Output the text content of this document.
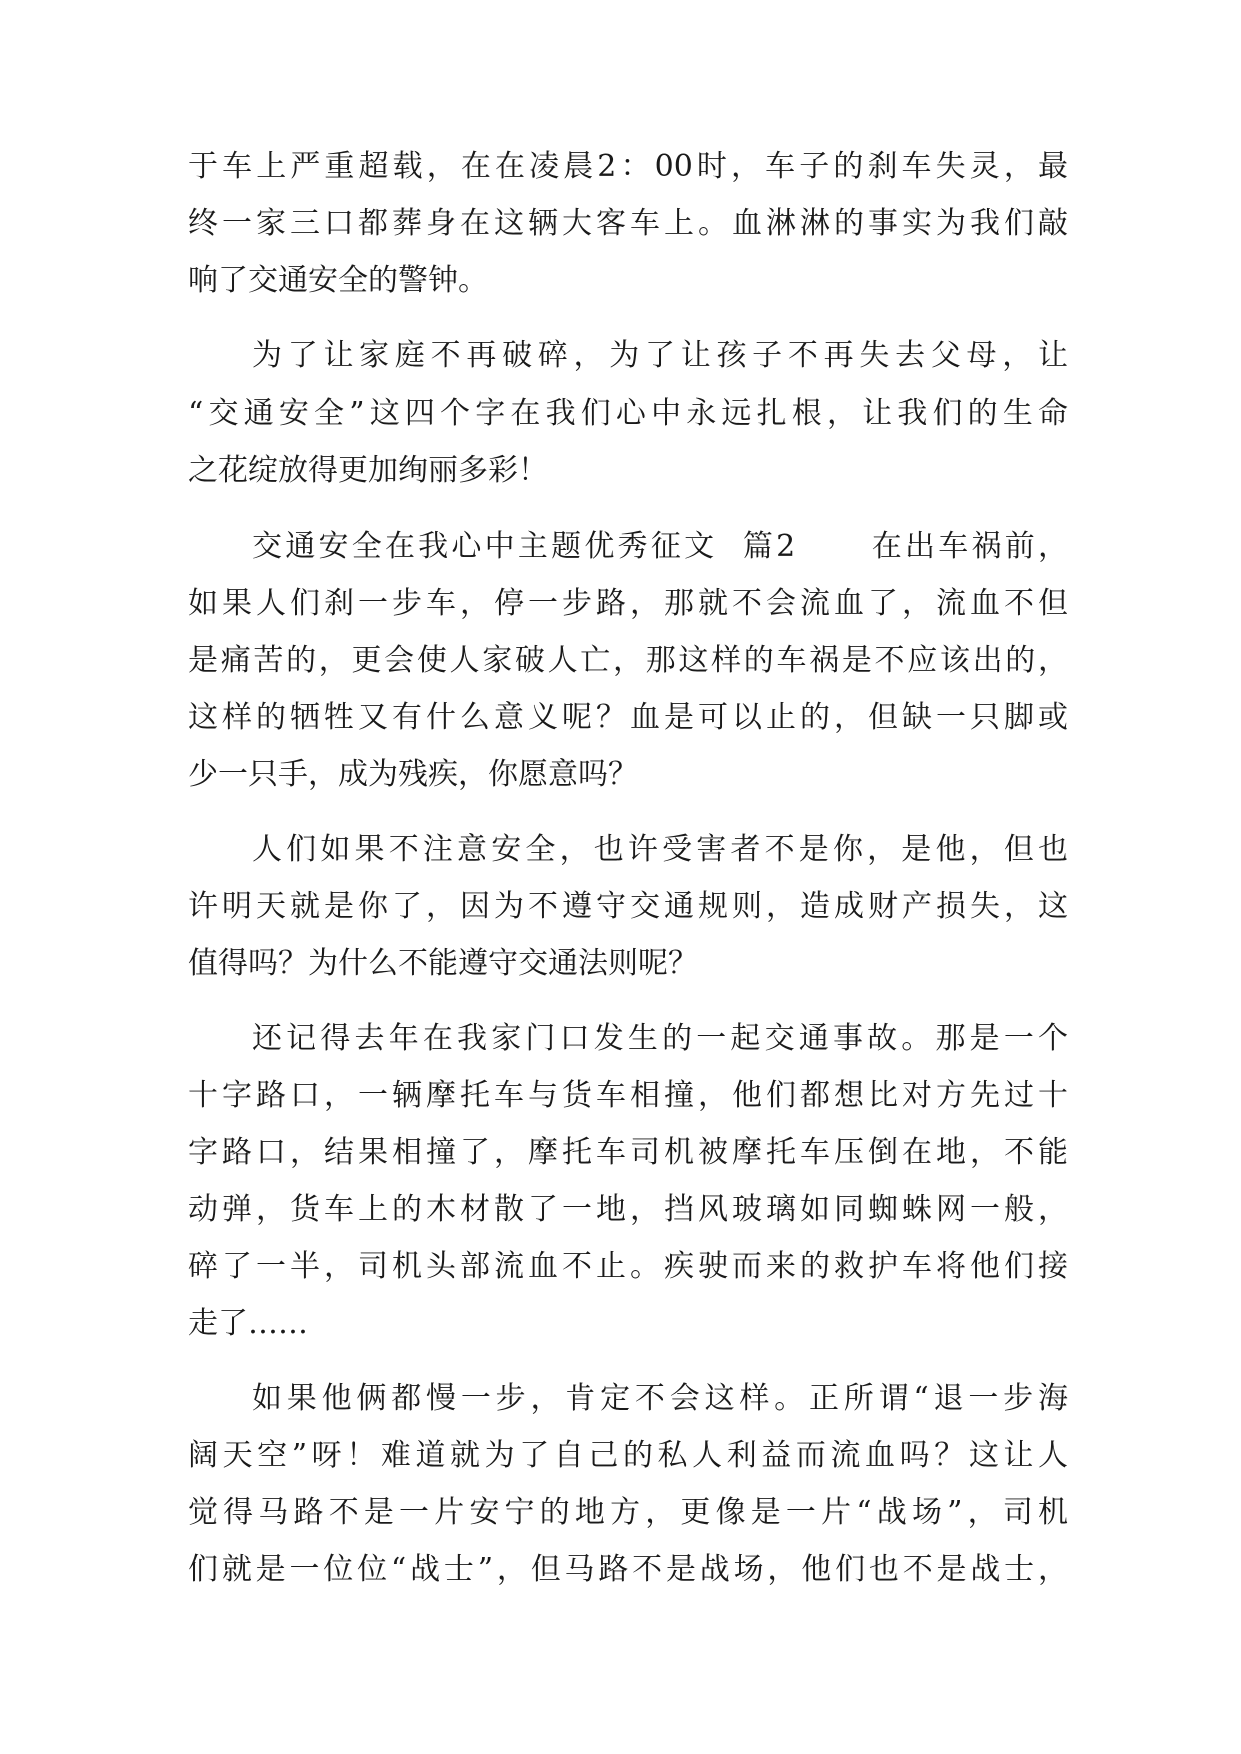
于车上严重超载，在在凌晨2：00时，车子的刹车失灵，最
终一家三口都葬身在这辆大客车上。血淋淋的事实为我们敲
响了交通安全的警钟。
为了让家庭不再破碎，为了让孩子不再失去父母，让
“交通安全”这四个字在我们心中永远扎根，让我们的生命
之花绽放得更加绚丽多彩！
交通安全在我心中主题优秀征文  篇2      在出车祸前，
如果人们刹一步车，停一步路，那就不会流血了，流血不但
是痛苦的，更会使人家破人亡，那这样的车祸是不应该出的，
这样的牺牲又有什么意义呢？血是可以止的，但缺一只脚或
少一只手，成为残疾，你愿意吗？
人们如果不注意安全，也许受害者不是你，是他，但也
许明天就是你了，因为不遵守交通规则，造成财产损失，这
值得吗？为什么不能遵守交通法则呢？
还记得去年在我家门口发生的一起交通事故。那是一个
十字路口，一辆摩托车与货车相撞，他们都想比对方先过十
字路口，结果相撞了，摩托车司机被摩托车压倒在地，不能
动弹，货车上的木材散了一地，挡风玻璃如同蜘蛛网一般，
碎了一半，司机头部流血不止。疾驶而来的救护车将他们接
走了……
如果他俩都慢一步，肯定不会这样。正所谓“退一步海
阔天空”呀！难道就为了自己的私人利益而流血吗？这让人
觉得马路不是一片安宁的地方，更像是一片“战场”，司机
们就是一位位“战士”，但马路不是战场，他们也不是战士，
